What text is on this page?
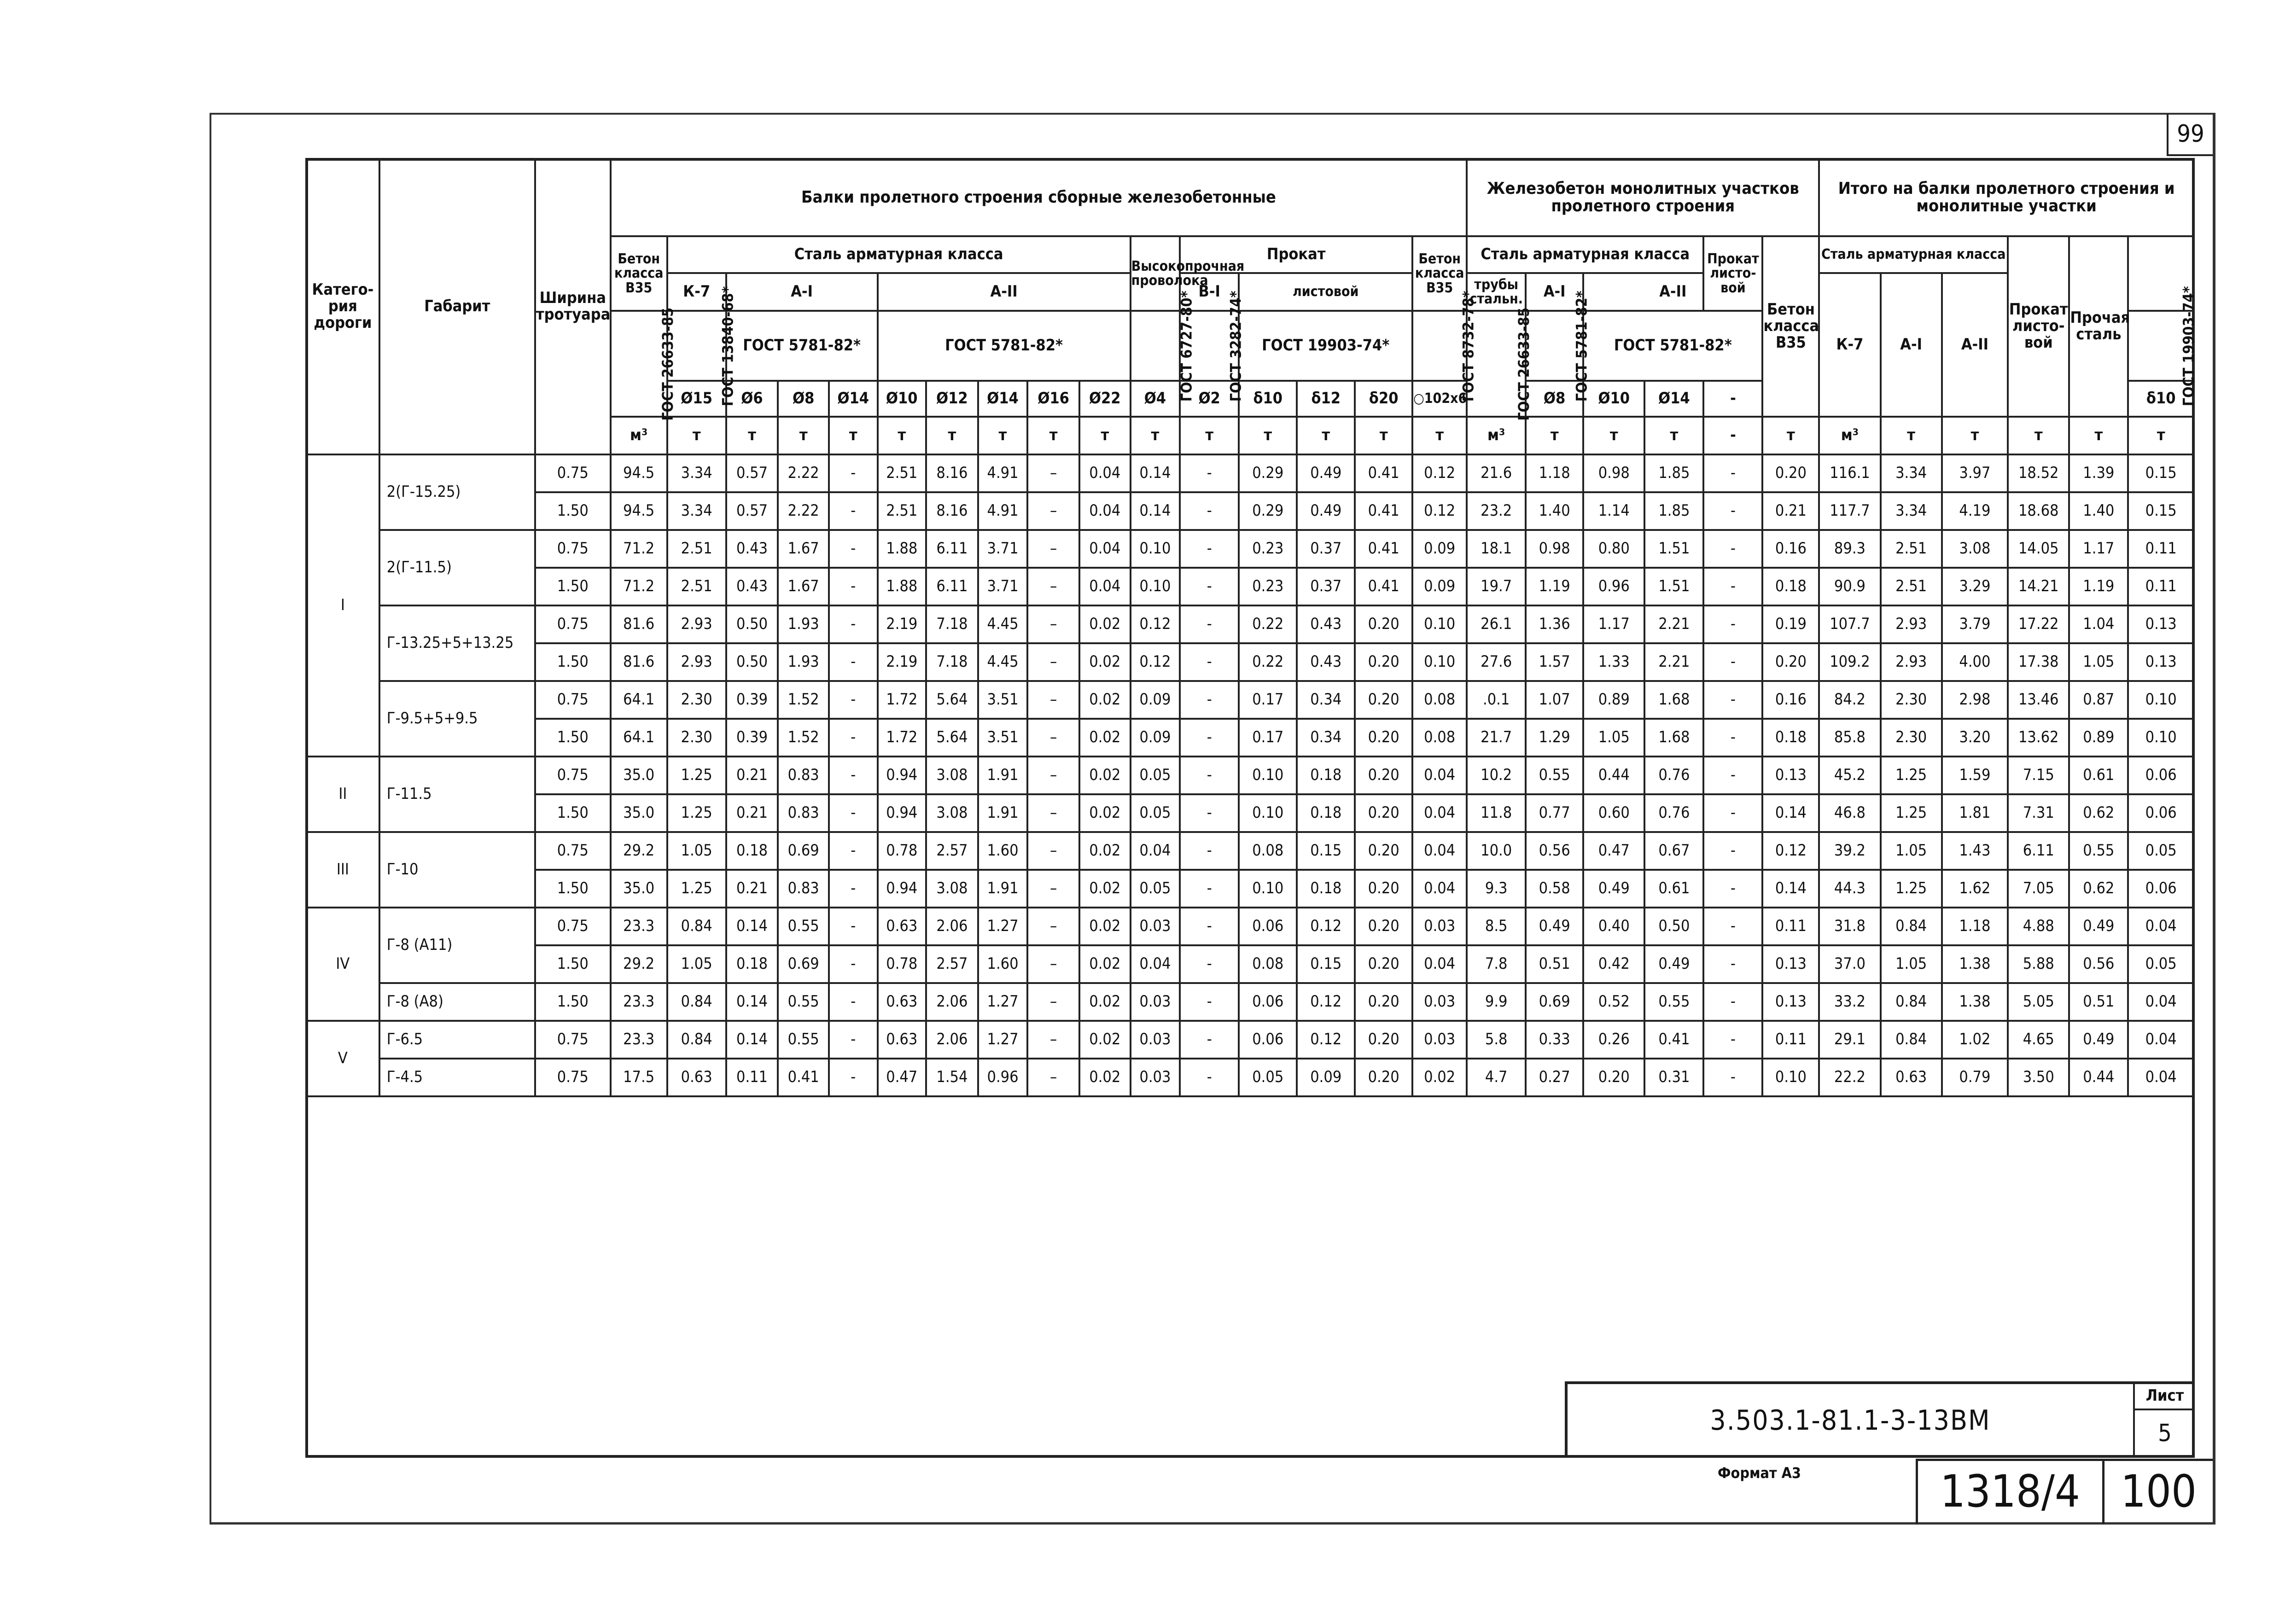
99
Катего-рия дороги	Габарит	Ширина тротуара	Балки пролетного строения сборные железобетонные																Железобетон монолитных участков пролетного строения						Итого на балки пролетного строения и монолитные участки					
			Бетон класса В35	Сталь арматурная класса									Высокопрочная проволока	Прокат				Бетон класса В35	Сталь арматурная класса				Прокат листо-вой	Бетон класса В35	Сталь арматурная класса			Прокат листо-вой	Прочая сталь	
				К-7	А-I			А-II						В-I	листовой				трубы стальн.	А-I	А-II				К-7	А-I	А-II			
			ГОСТ 26633-85	ГОСТ 13840-68*	ГОСТ 5781-82*			ГОСТ 5781-82*					ГОСТ 6727-80*	ГОСТ 3282-74*	ГОСТ 19903-74*			ГОСТ 8732-78*	ГОСТ 26633-85	ГОСТ 5781-82*	ГОСТ 5781-82*									ГОСТ 19903-74*
				Ø15	Ø6	Ø8	Ø14	Ø10	Ø12	Ø14	Ø16	Ø22	Ø4	Ø2	δ10	δ12	δ20	○102х6		Ø8	Ø10	Ø14	-							δ10
			м³	т	т	т	т	т	т	т	т	т	т	т	т	т	т	т	м³	т	т	т	-	т	м³	т	т	т	т	т
I	2(Г-15.25)	0.75	94.5	3.34	0.57	2.22	-	2.51	8.16	4.91	–	0.04	0.14	-	0.29	0.49	0.41	0.12	21.6	1.18	0.98	1.85	-	0.20	116.1	3.34	3.97	18.52	1.39	0.15
		1.50	94.5	3.34	0.57	2.22	-	2.51	8.16	4.91	–	0.04	0.14	-	0.29	0.49	0.41	0.12	23.2	1.40	1.14	1.85	-	0.21	117.7	3.34	4.19	18.68	1.40	0.15
	2(Г-11.5)	0.75	71.2	2.51	0.43	1.67	-	1.88	6.11	3.71	–	0.04	0.10	-	0.23	0.37	0.41	0.09	18.1	0.98	0.80	1.51	-	0.16	89.3	2.51	3.08	14.05	1.17	0.11
		1.50	71.2	2.51	0.43	1.67	-	1.88	6.11	3.71	–	0.04	0.10	-	0.23	0.37	0.41	0.09	19.7	1.19	0.96	1.51	-	0.18	90.9	2.51	3.29	14.21	1.19	0.11
	Г-13.25+5+13.25	0.75	81.6	2.93	0.50	1.93	-	2.19	7.18	4.45	–	0.02	0.12	-	0.22	0.43	0.20	0.10	26.1	1.36	1.17	2.21	-	0.19	107.7	2.93	3.79	17.22	1.04	0.13
		1.50	81.6	2.93	0.50	1.93	-	2.19	7.18	4.45	–	0.02	0.12	-	0.22	0.43	0.20	0.10	27.6	1.57	1.33	2.21	-	0.20	109.2	2.93	4.00	17.38	1.05	0.13
	Г-9.5+5+9.5	0.75	64.1	2.30	0.39	1.52	-	1.72	5.64	3.51	–	0.02	0.09	-	0.17	0.34	0.20	0.08	.0.1	1.07	0.89	1.68	-	0.16	84.2	2.30	2.98	13.46	0.87	0.10
		1.50	64.1	2.30	0.39	1.52	-	1.72	5.64	3.51	–	0.02	0.09	-	0.17	0.34	0.20	0.08	21.7	1.29	1.05	1.68	-	0.18	85.8	2.30	3.20	13.62	0.89	0.10
II	Г-11.5	0.75	35.0	1.25	0.21	0.83	-	0.94	3.08	1.91	–	0.02	0.05	-	0.10	0.18	0.20	0.04	10.2	0.55	0.44	0.76	-	0.13	45.2	1.25	1.59	7.15	0.61	0.06
		1.50	35.0	1.25	0.21	0.83	-	0.94	3.08	1.91	–	0.02	0.05	-	0.10	0.18	0.20	0.04	11.8	0.77	0.60	0.76	-	0.14	46.8	1.25	1.81	7.31	0.62	0.06
III	Г-10	0.75	29.2	1.05	0.18	0.69	-	0.78	2.57	1.60	–	0.02	0.04	-	0.08	0.15	0.20	0.04	10.0	0.56	0.47	0.67	-	0.12	39.2	1.05	1.43	6.11	0.55	0.05
		1.50	35.0	1.25	0.21	0.83	-	0.94	3.08	1.91	–	0.02	0.05	-	0.10	0.18	0.20	0.04	9.3	0.58	0.49	0.61	-	0.14	44.3	1.25	1.62	7.05	0.62	0.06
IV	Г-8 (А11)	0.75	23.3	0.84	0.14	0.55	-	0.63	2.06	1.27	–	0.02	0.03	-	0.06	0.12	0.20	0.03	8.5	0.49	0.40	0.50	-	0.11	31.8	0.84	1.18	4.88	0.49	0.04
		1.50	29.2	1.05	0.18	0.69	-	0.78	2.57	1.60	–	0.02	0.04	-	0.08	0.15	0.20	0.04	7.8	0.51	0.42	0.49	-	0.13	37.0	1.05	1.38	5.88	0.56	0.05
	Г-8 (А8)	1.50	23.3	0.84	0.14	0.55	-	0.63	2.06	1.27	–	0.02	0.03	-	0.06	0.12	0.20	0.03	9.9	0.69	0.52	0.55	-	0.13	33.2	0.84	1.38	5.05	0.51	0.04
V	Г-6.5	0.75	23.3	0.84	0.14	0.55	-	0.63	2.06	1.27	–	0.02	0.03	-	0.06	0.12	0.20	0.03	5.8	0.33	0.26	0.41	-	0.11	29.1	0.84	1.02	4.65	0.49	0.04
	Г-4.5	0.75	17.5	0.63	0.11	0.41	-	0.47	1.54	0.96	–	0.02	0.03	-	0.05	0.09	0.20	0.02	4.7	0.27	0.20	0.31	-	0.10	22.2	0.63	0.79	3.50	0.44	0.04
3.503.1-81.1-3-13ВМ
Лист
5
Формат А3	1318/4 100
